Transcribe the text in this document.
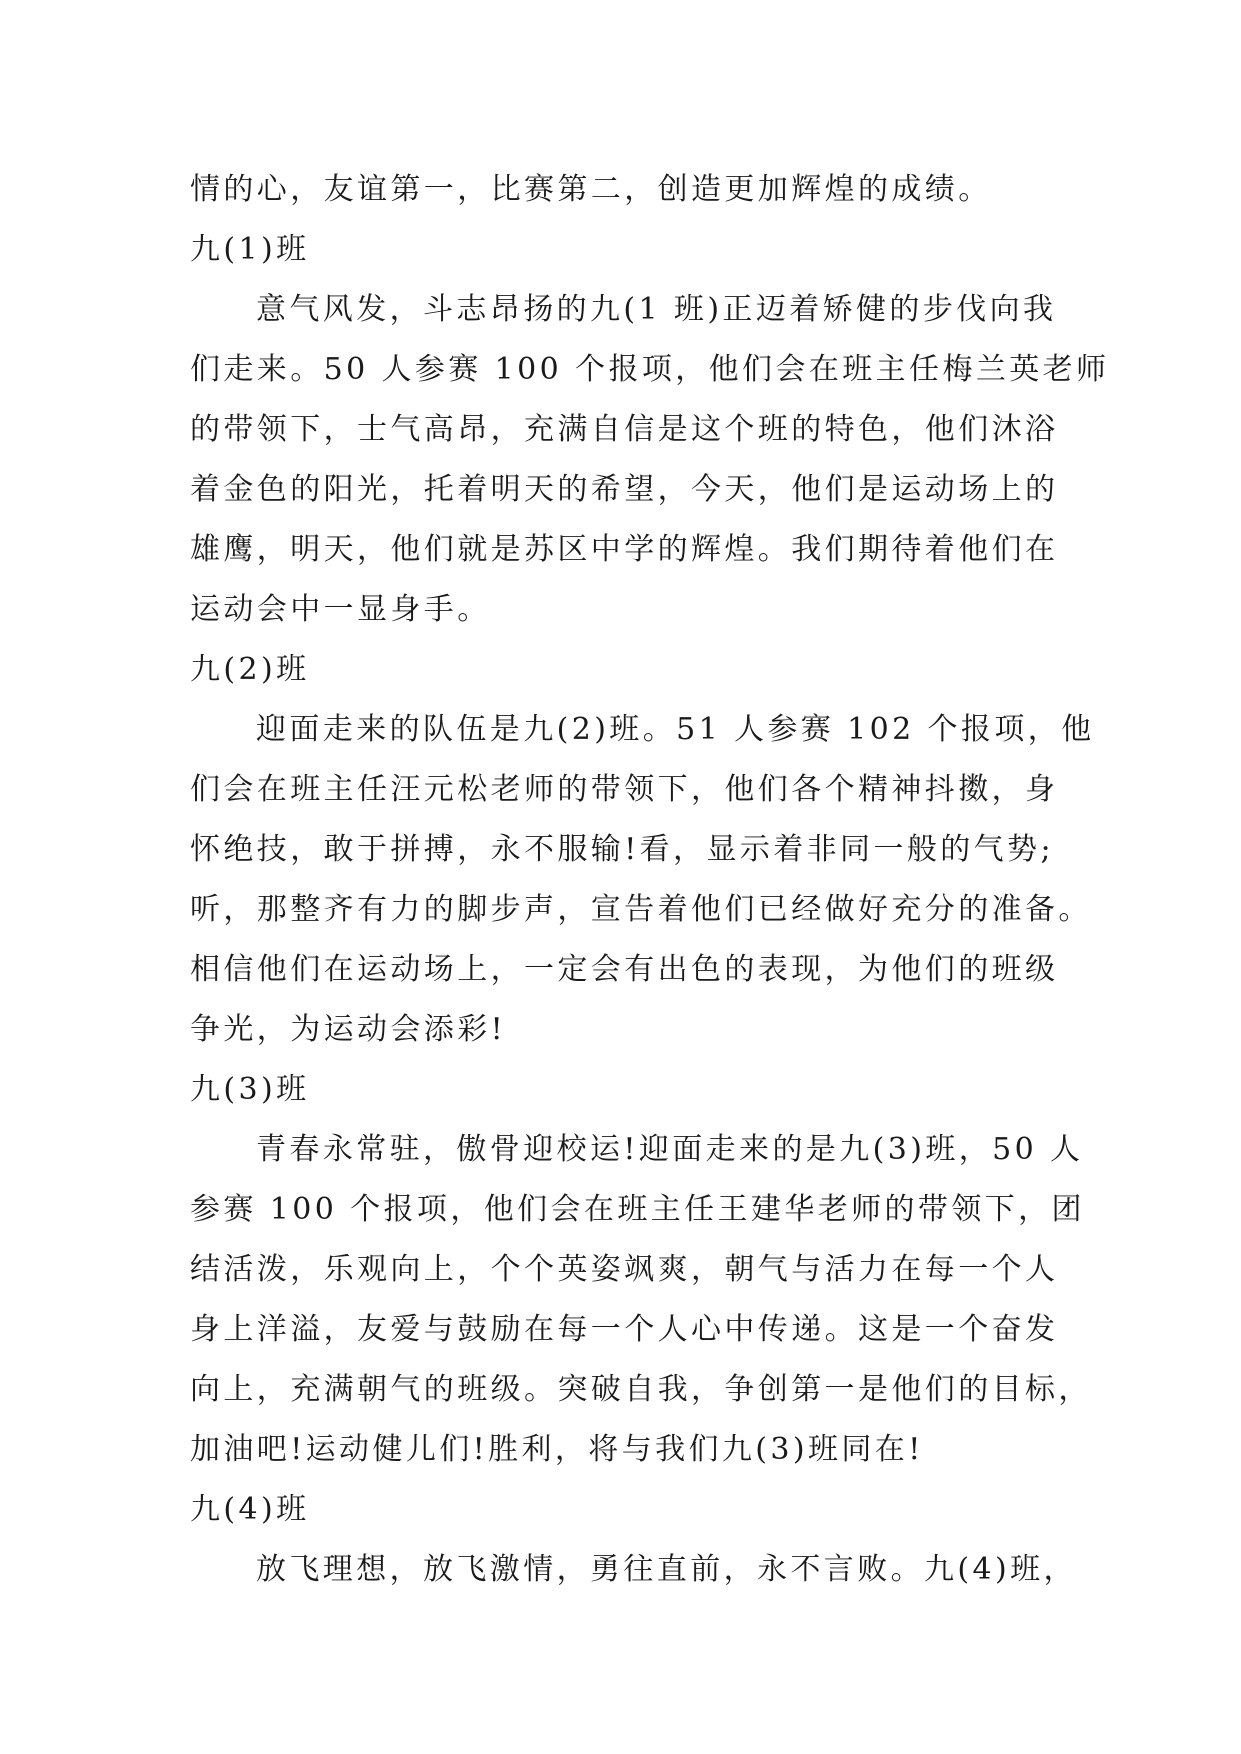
情的心，友谊第一，比赛第二，创造更加辉煌的成绩。

九(1)班

意气风发，斗志昂扬的九(1 班)正迈着矫健的步伐向我
们走来。50 人参赛 100 个报项，他们会在班主任梅兰英老师
的带领下，士气高昂，充满自信是这个班的特色，他们沐浴
着金色的阳光，托着明天的希望，今天，他们是运动场上的
雄鹰，明天，他们就是苏区中学的辉煌。我们期待着他们在
运动会中一显身手。

九(2)班

迎面走来的队伍是九(2)班。51 人参赛 102 个报项，他
们会在班主任汪元松老师的带领下，他们各个精神抖擞，身
怀绝技，敢于拼搏，永不服输!看，显示着非同一般的气势;
听，那整齐有力的脚步声，宣告着他们已经做好充分的准备。
相信他们在运动场上，一定会有出色的表现，为他们的班级
争光，为运动会添彩!

九(3)班

青春永常驻，傲骨迎校运!迎面走来的是九(3)班，50 人
参赛 100 个报项，他们会在班主任王建华老师的带领下，团
结活泼，乐观向上，个个英姿飒爽，朝气与活力在每一个人
身上洋溢，友爱与鼓励在每一个人心中传递。这是一个奋发
向上，充满朝气的班级。突破自我，争创第一是他们的目标，
加油吧!运动健儿们!胜利，将与我们九(3)班同在!

九(4)班

放飞理想，放飞激情，勇往直前，永不言败。九(4)班，
